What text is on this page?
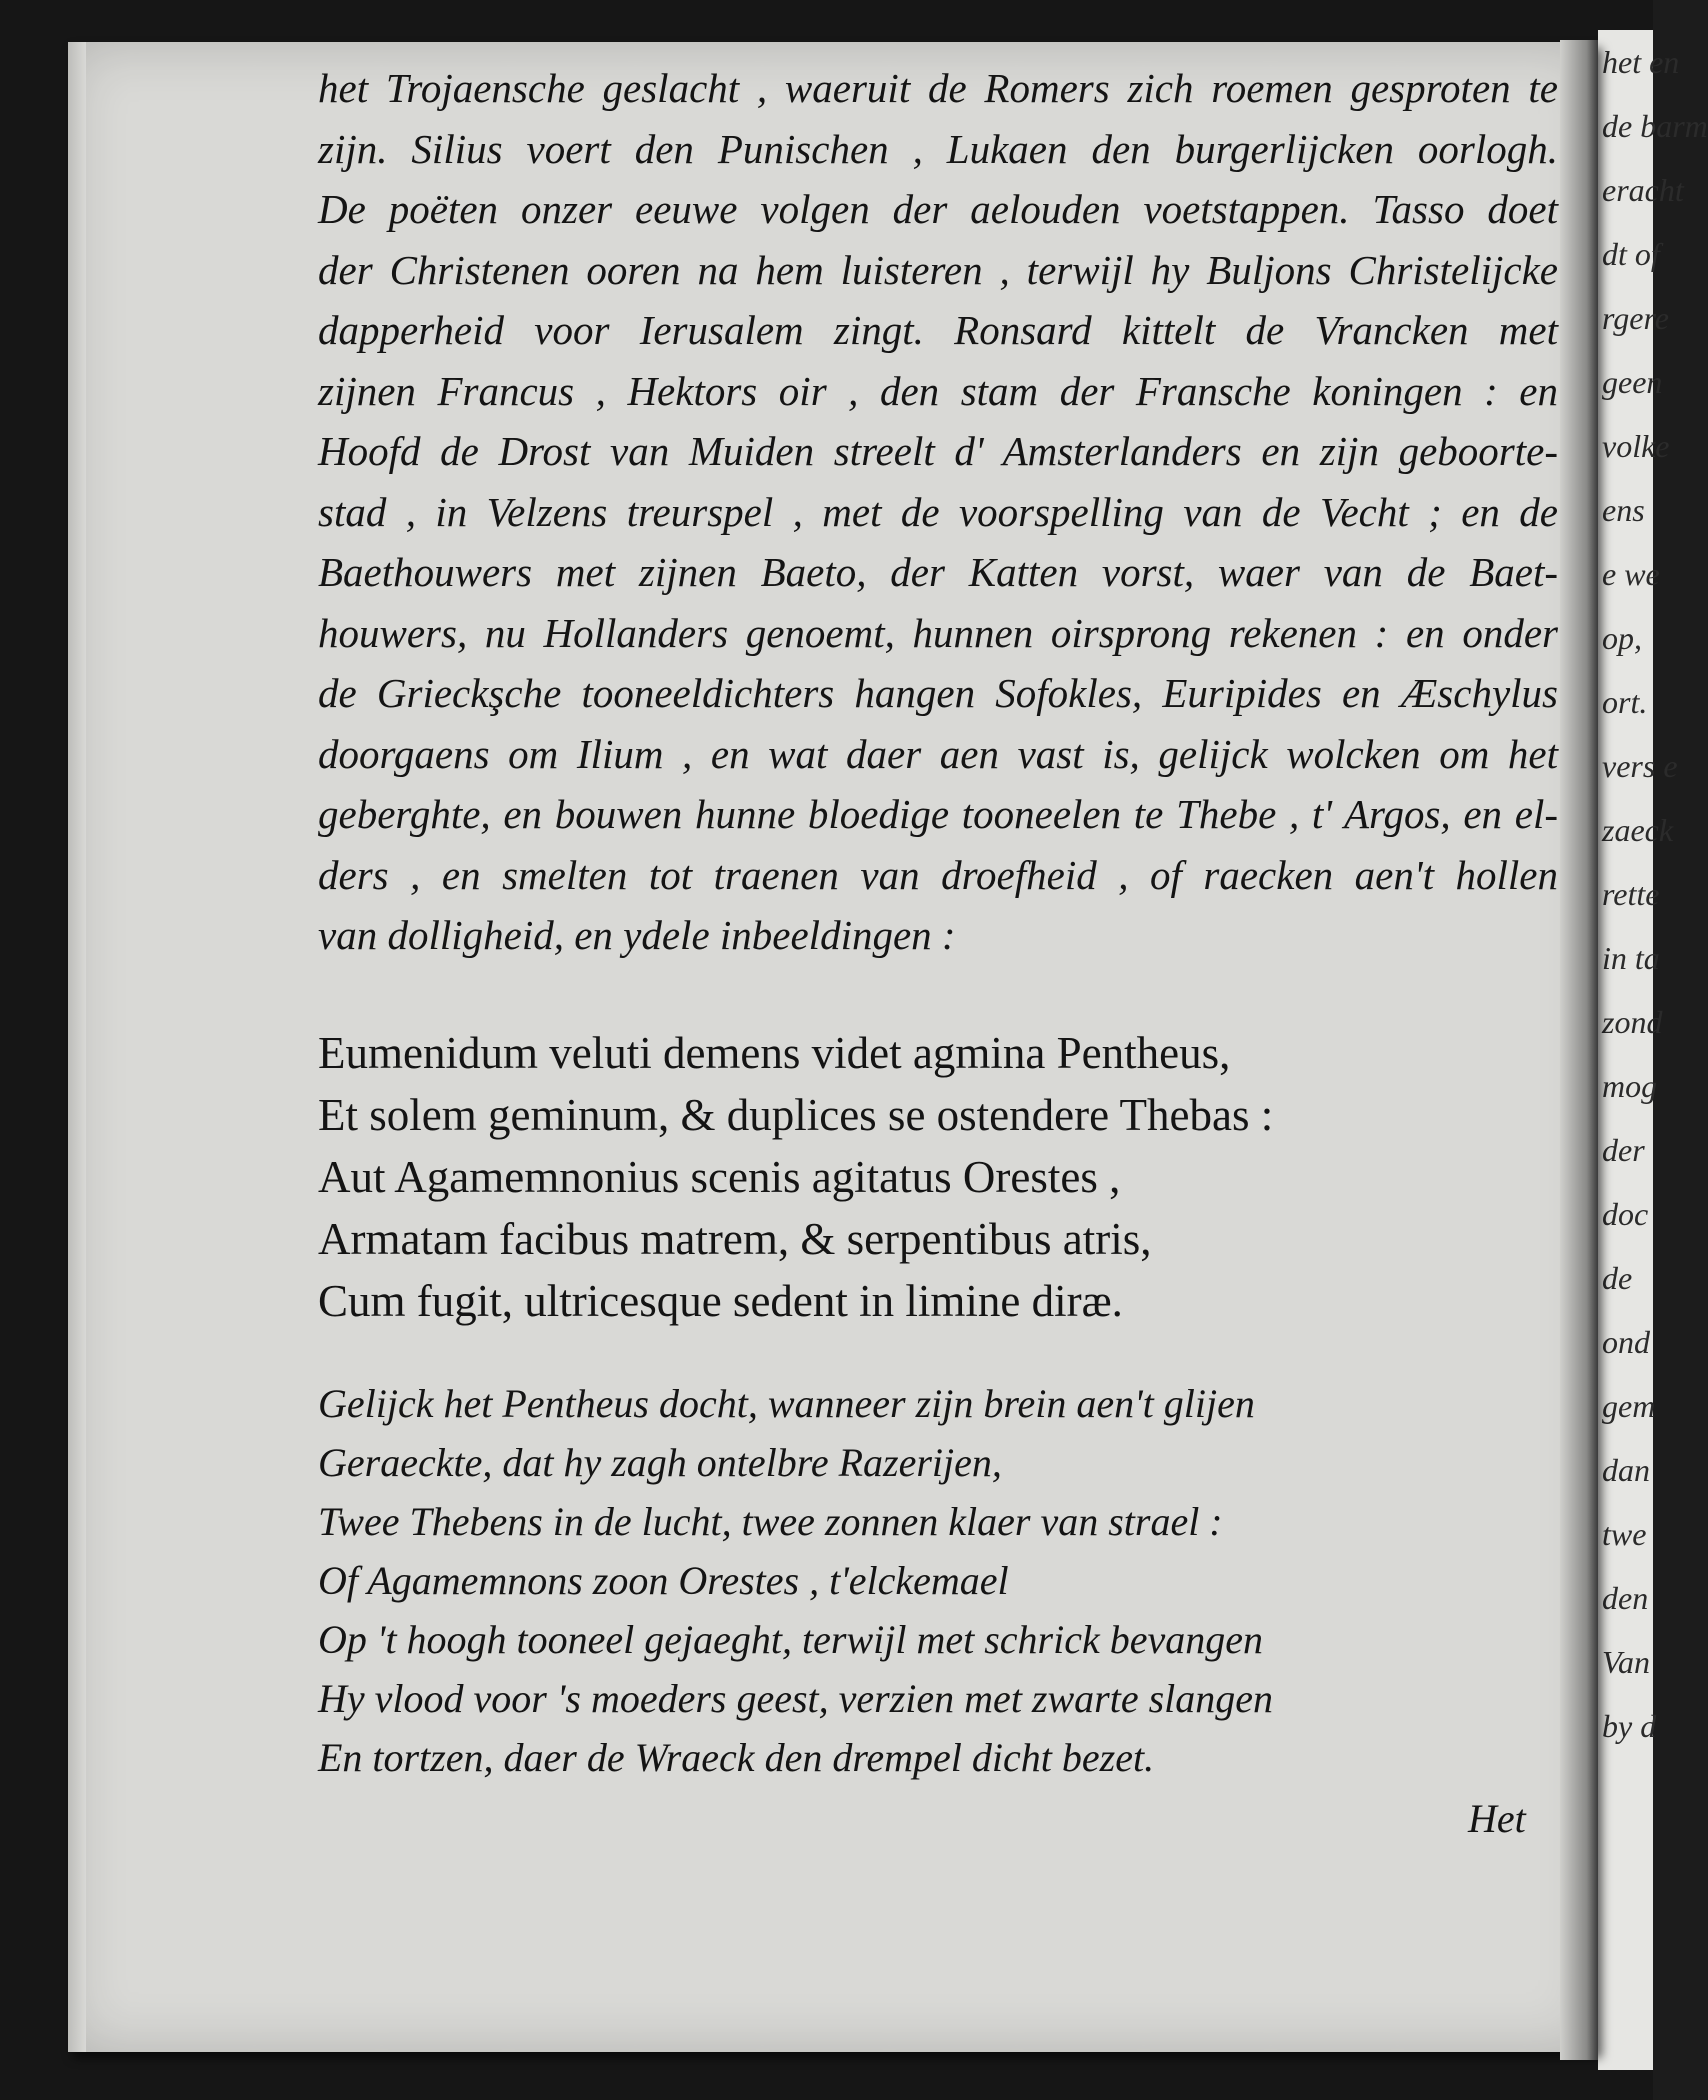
het en
de barm
eracht
dt of
rgere
geen
volke
ens
e we
op,
ort.
vers e
zaeck
rette
in ta
zond
mog
der
doc
de
ond
gem
dan
twe
den
Van
by d
het Trojaensche geslacht , waeruit de Romers zich roemen gesproten te
zijn. Silius voert den Punischen , Lukaen den burgerlijcken oorlogh.
De poëten onzer eeuwe volgen der aelouden voetstappen. Tasso doet
der Christenen ooren na hem luisteren , terwijl hy Buljons Christelijcke
dapperheid voor Ierusalem zingt. Ronsard kittelt de Vrancken met
zijnen Francus , Hektors oir , den stam der Fransche koningen : en
Hoofd de Drost van Muiden streelt d' Amsterlanders en zijn geboorte-
stad , in Velzens treurspel , met de voorspelling van de Vecht ; en de
Baethouwers met zijnen Baeto, der Katten vorst, waer van de Baet-
houwers, nu Hollanders genoemt, hunnen oirsprong rekenen : en onder
de Grieckşche tooneeldichters hangen Sofokles, Euripides en Æschylus
doorgaens om Ilium , en wat daer aen vast is, gelijck wolcken om het
geberghte, en bouwen hunne bloedige tooneelen te Thebe , t' Argos, en el-
ders , en smelten tot traenen van droefheid , of raecken aen't hollen
van dolligheid, en ydele inbeeldingen :
Eumenidum veluti demens videt agmina Pentheus,
Et solem geminum, & duplices se ostendere Thebas :
Aut Agamemnonius scenis agitatus Orestes ,
Armatam facibus matrem, & serpentibus atris,
Cum fugit, ultricesque sedent in limine diræ.
Gelijck het Pentheus docht, wanneer zijn brein aen't glijen
Geraeckte, dat hy zagh ontelbre Razerijen,
Twee Thebens in de lucht, twee zonnen klaer van strael :
Of Agamemnons zoon Orestes , t'elckemael
Op 't hoogh tooneel gejaeght, terwijl met schrick bevangen
Hy vlood voor 's moeders geest, verzien met zwarte slangen
En tortzen, daer de Wraeck den drempel dicht bezet.
Het
